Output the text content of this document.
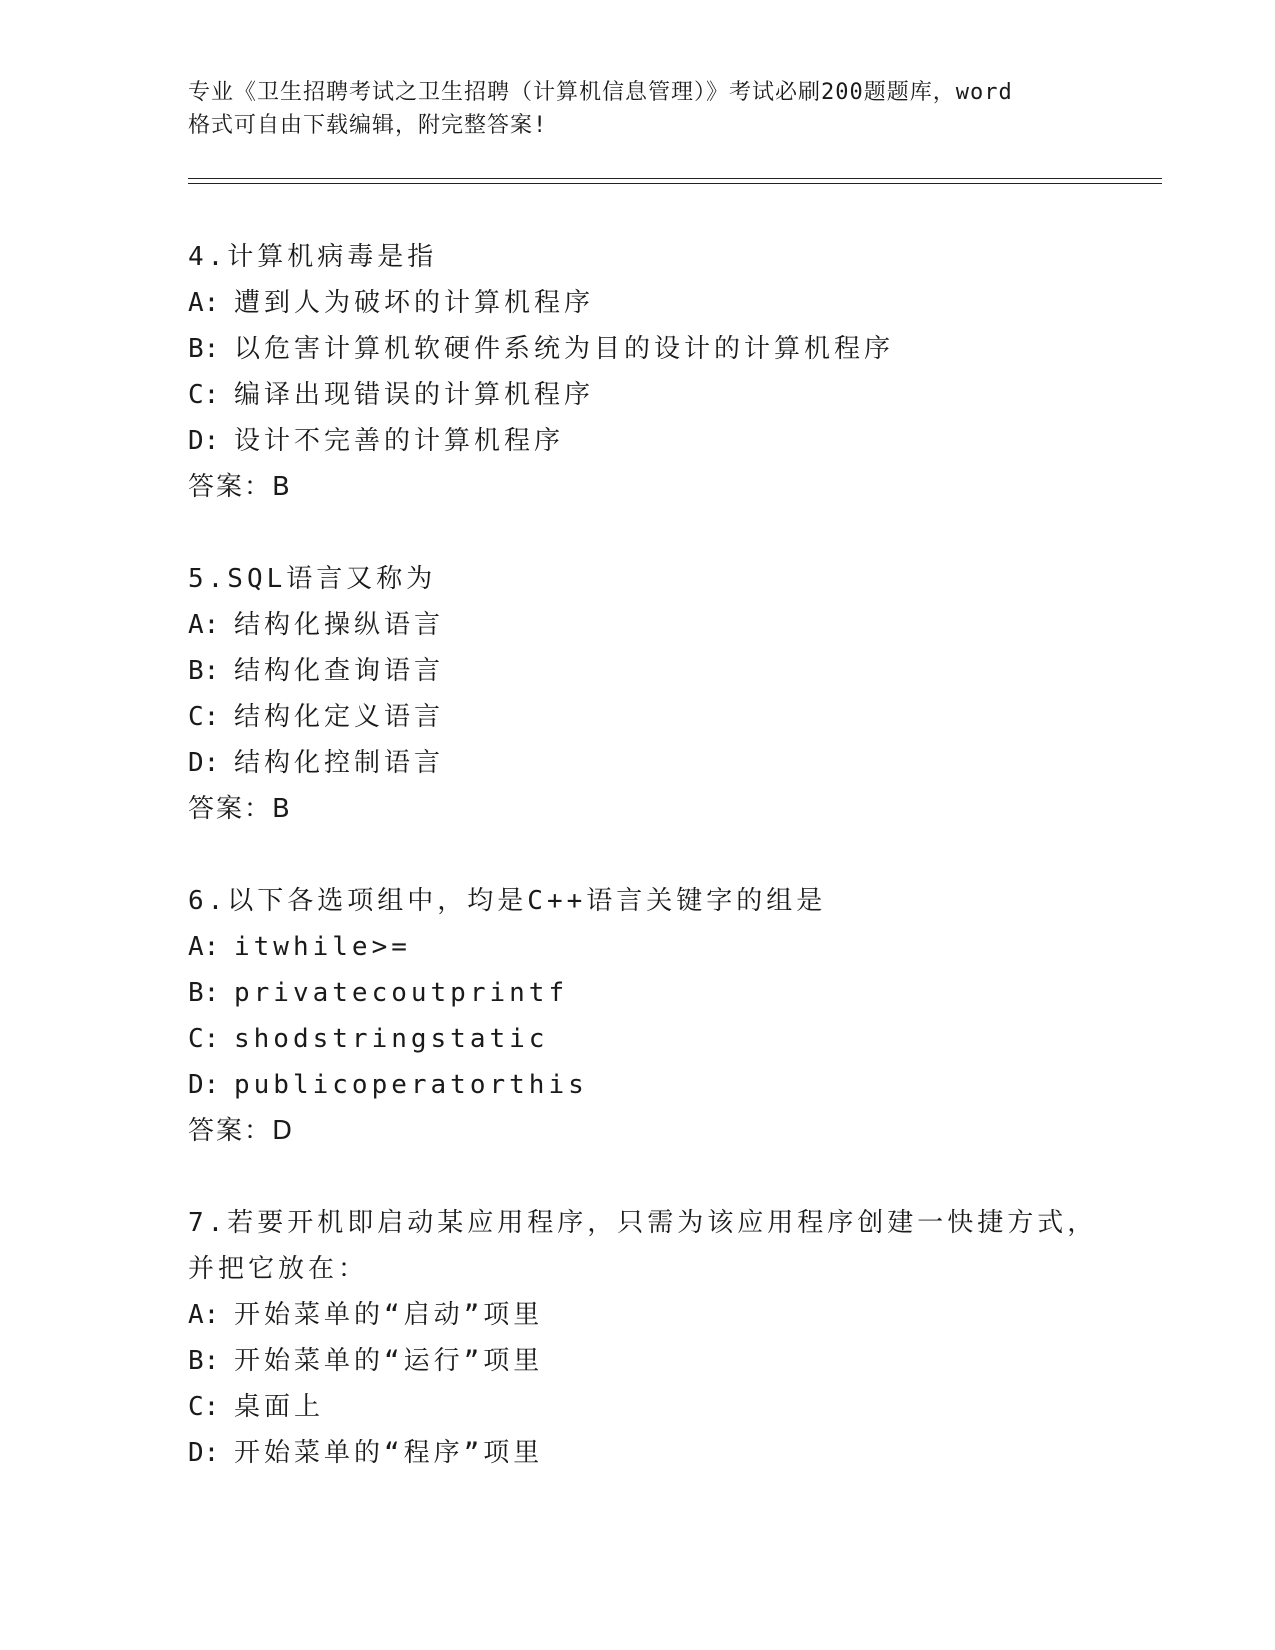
专业《卫生招聘考试之卫生招聘（计算机信息管理）》考试必刷200题题库，word
格式可自由下载编辑，附完整答案!
4.计算机病毒是指
A: 遭到人为破坏的计算机程序
B: 以危害计算机软硬件系统为目的设计的计算机程序
C: 编译出现错误的计算机程序
D: 设计不完善的计算机程序
答案：B
5.SQL语言又称为
A: 结构化操纵语言
B: 结构化查询语言
C: 结构化定义语言
D: 结构化控制语言
答案：B
6.以下各选项组中，均是C++语言关键字的组是
A: itwhile>=
B: privatecoutprintf
C: shodstringstatic
D: publicoperatorthis
答案：D
7.若要开机即启动某应用程序，只需为该应用程序创建一快捷方式，
并把它放在：
A: 开始菜单的“启动”项里
B: 开始菜单的“运行”项里
C: 桌面上
D: 开始菜单的“程序”项里
